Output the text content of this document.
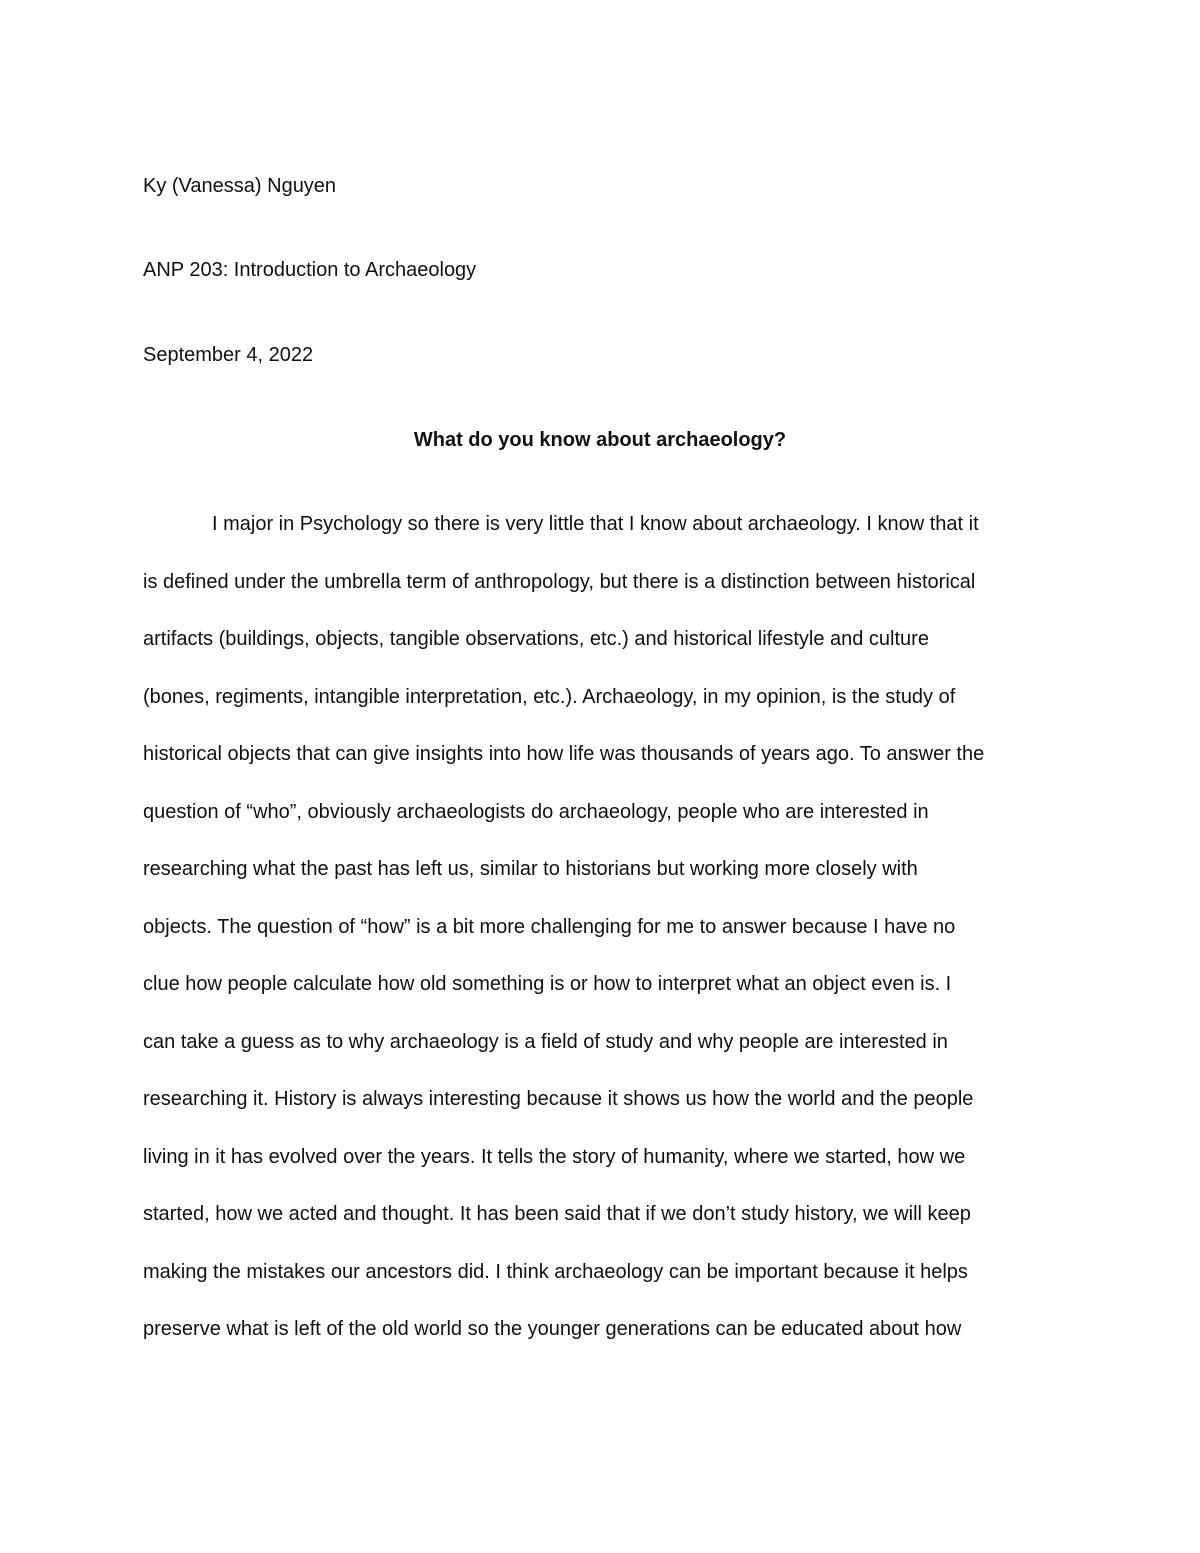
Ky (Vanessa) Nguyen
ANP 203: Introduction to Archaeology
September 4, 2022
What do you know about archaeology?
I major in Psychology so there is very little that I know about archaeology. I know that it
is defined under the umbrella term of anthropology, but there is a distinction between historical
artifacts (buildings, objects, tangible observations, etc.) and historical lifestyle and culture
(bones, regiments, intangible interpretation, etc.). Archaeology, in my opinion, is the study of
historical objects that can give insights into how life was thousands of years ago. To answer the
question of “who”, obviously archaeologists do archaeology, people who are interested in
researching what the past has left us, similar to historians but working more closely with
objects. The question of “how” is a bit more challenging for me to answer because I have no
clue how people calculate how old something is or how to interpret what an object even is. I
can take a guess as to why archaeology is a field of study and why people are interested in
researching it. History is always interesting because it shows us how the world and the people
living in it has evolved over the years. It tells the story of humanity, where we started, how we
started, how we acted and thought. It has been said that if we don’t study history, we will keep
making the mistakes our ancestors did. I think archaeology can be important because it helps
preserve what is left of the old world so the younger generations can be educated about how
